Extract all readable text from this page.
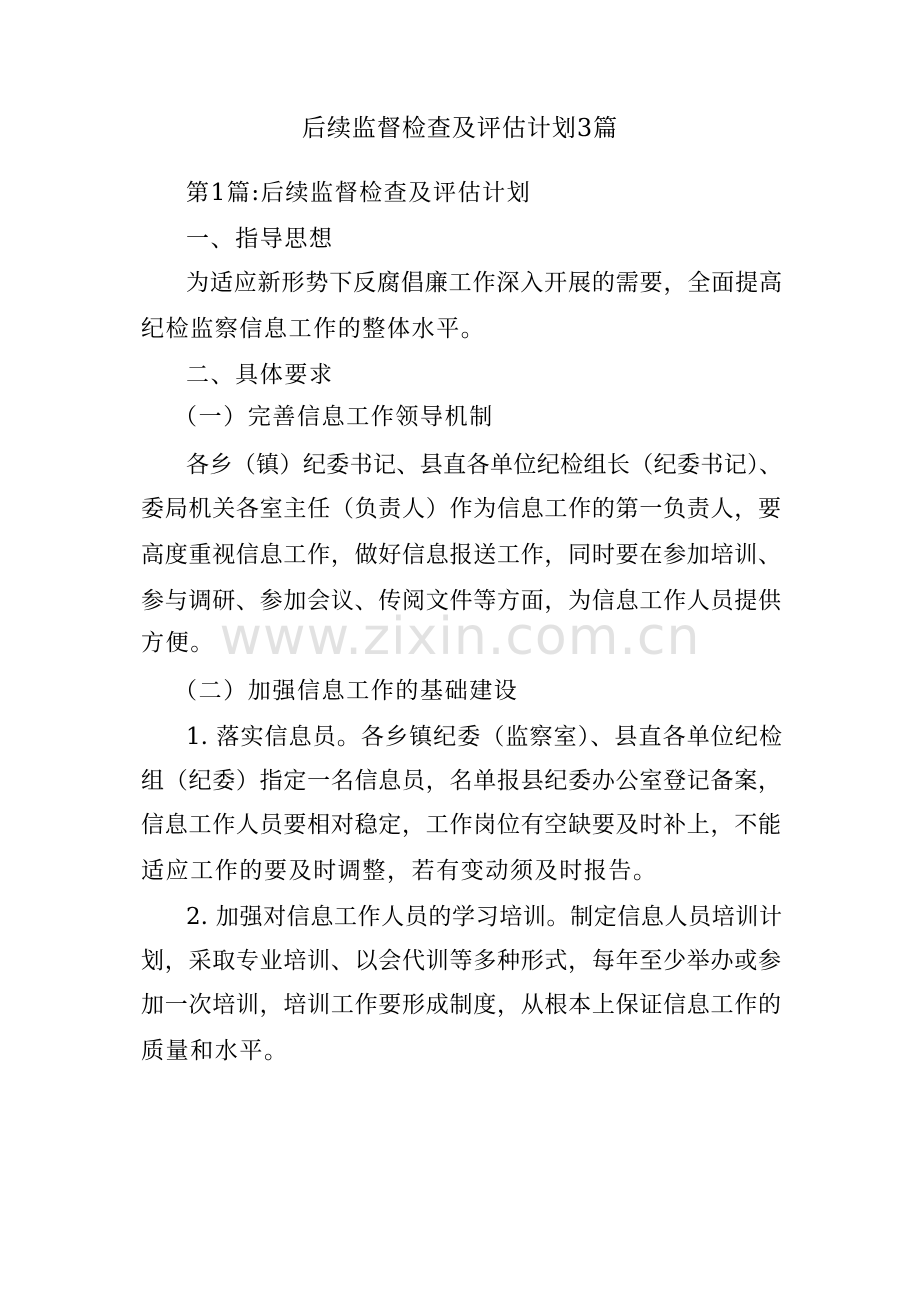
后续监督检查及评估计划3篇
www.zixin.com.cn
第1篇:后续监督检查及评估计划
一、指导思想
为适应新形势下反腐倡廉工作深入开展的需要，全面提高
纪检监察信息工作的整体水平。
二、具体要求
（一）完善信息工作领导机制
各乡（镇）纪委书记、县直各单位纪检组长（纪委书记）、
委局机关各室主任（负责人）作为信息工作的第一负责人，要
高度重视信息工作，做好信息报送工作，同时要在参加培训、
参与调研、参加会议、传阅文件等方面，为信息工作人员提供
方便。
（二）加强信息工作的基础建设
1. 落实信息员。各乡镇纪委（监察室）、县直各单位纪检
组（纪委）指定一名信息员，名单报县纪委办公室登记备案，
信息工作人员要相对稳定，工作岗位有空缺要及时补上，不能
适应工作的要及时调整，若有变动须及时报告。
2. 加强对信息工作人员的学习培训。制定信息人员培训计
划，采取专业培训、以会代训等多种形式，每年至少举办或参
加一次培训，培训工作要形成制度，从根本上保证信息工作的
质量和水平。
